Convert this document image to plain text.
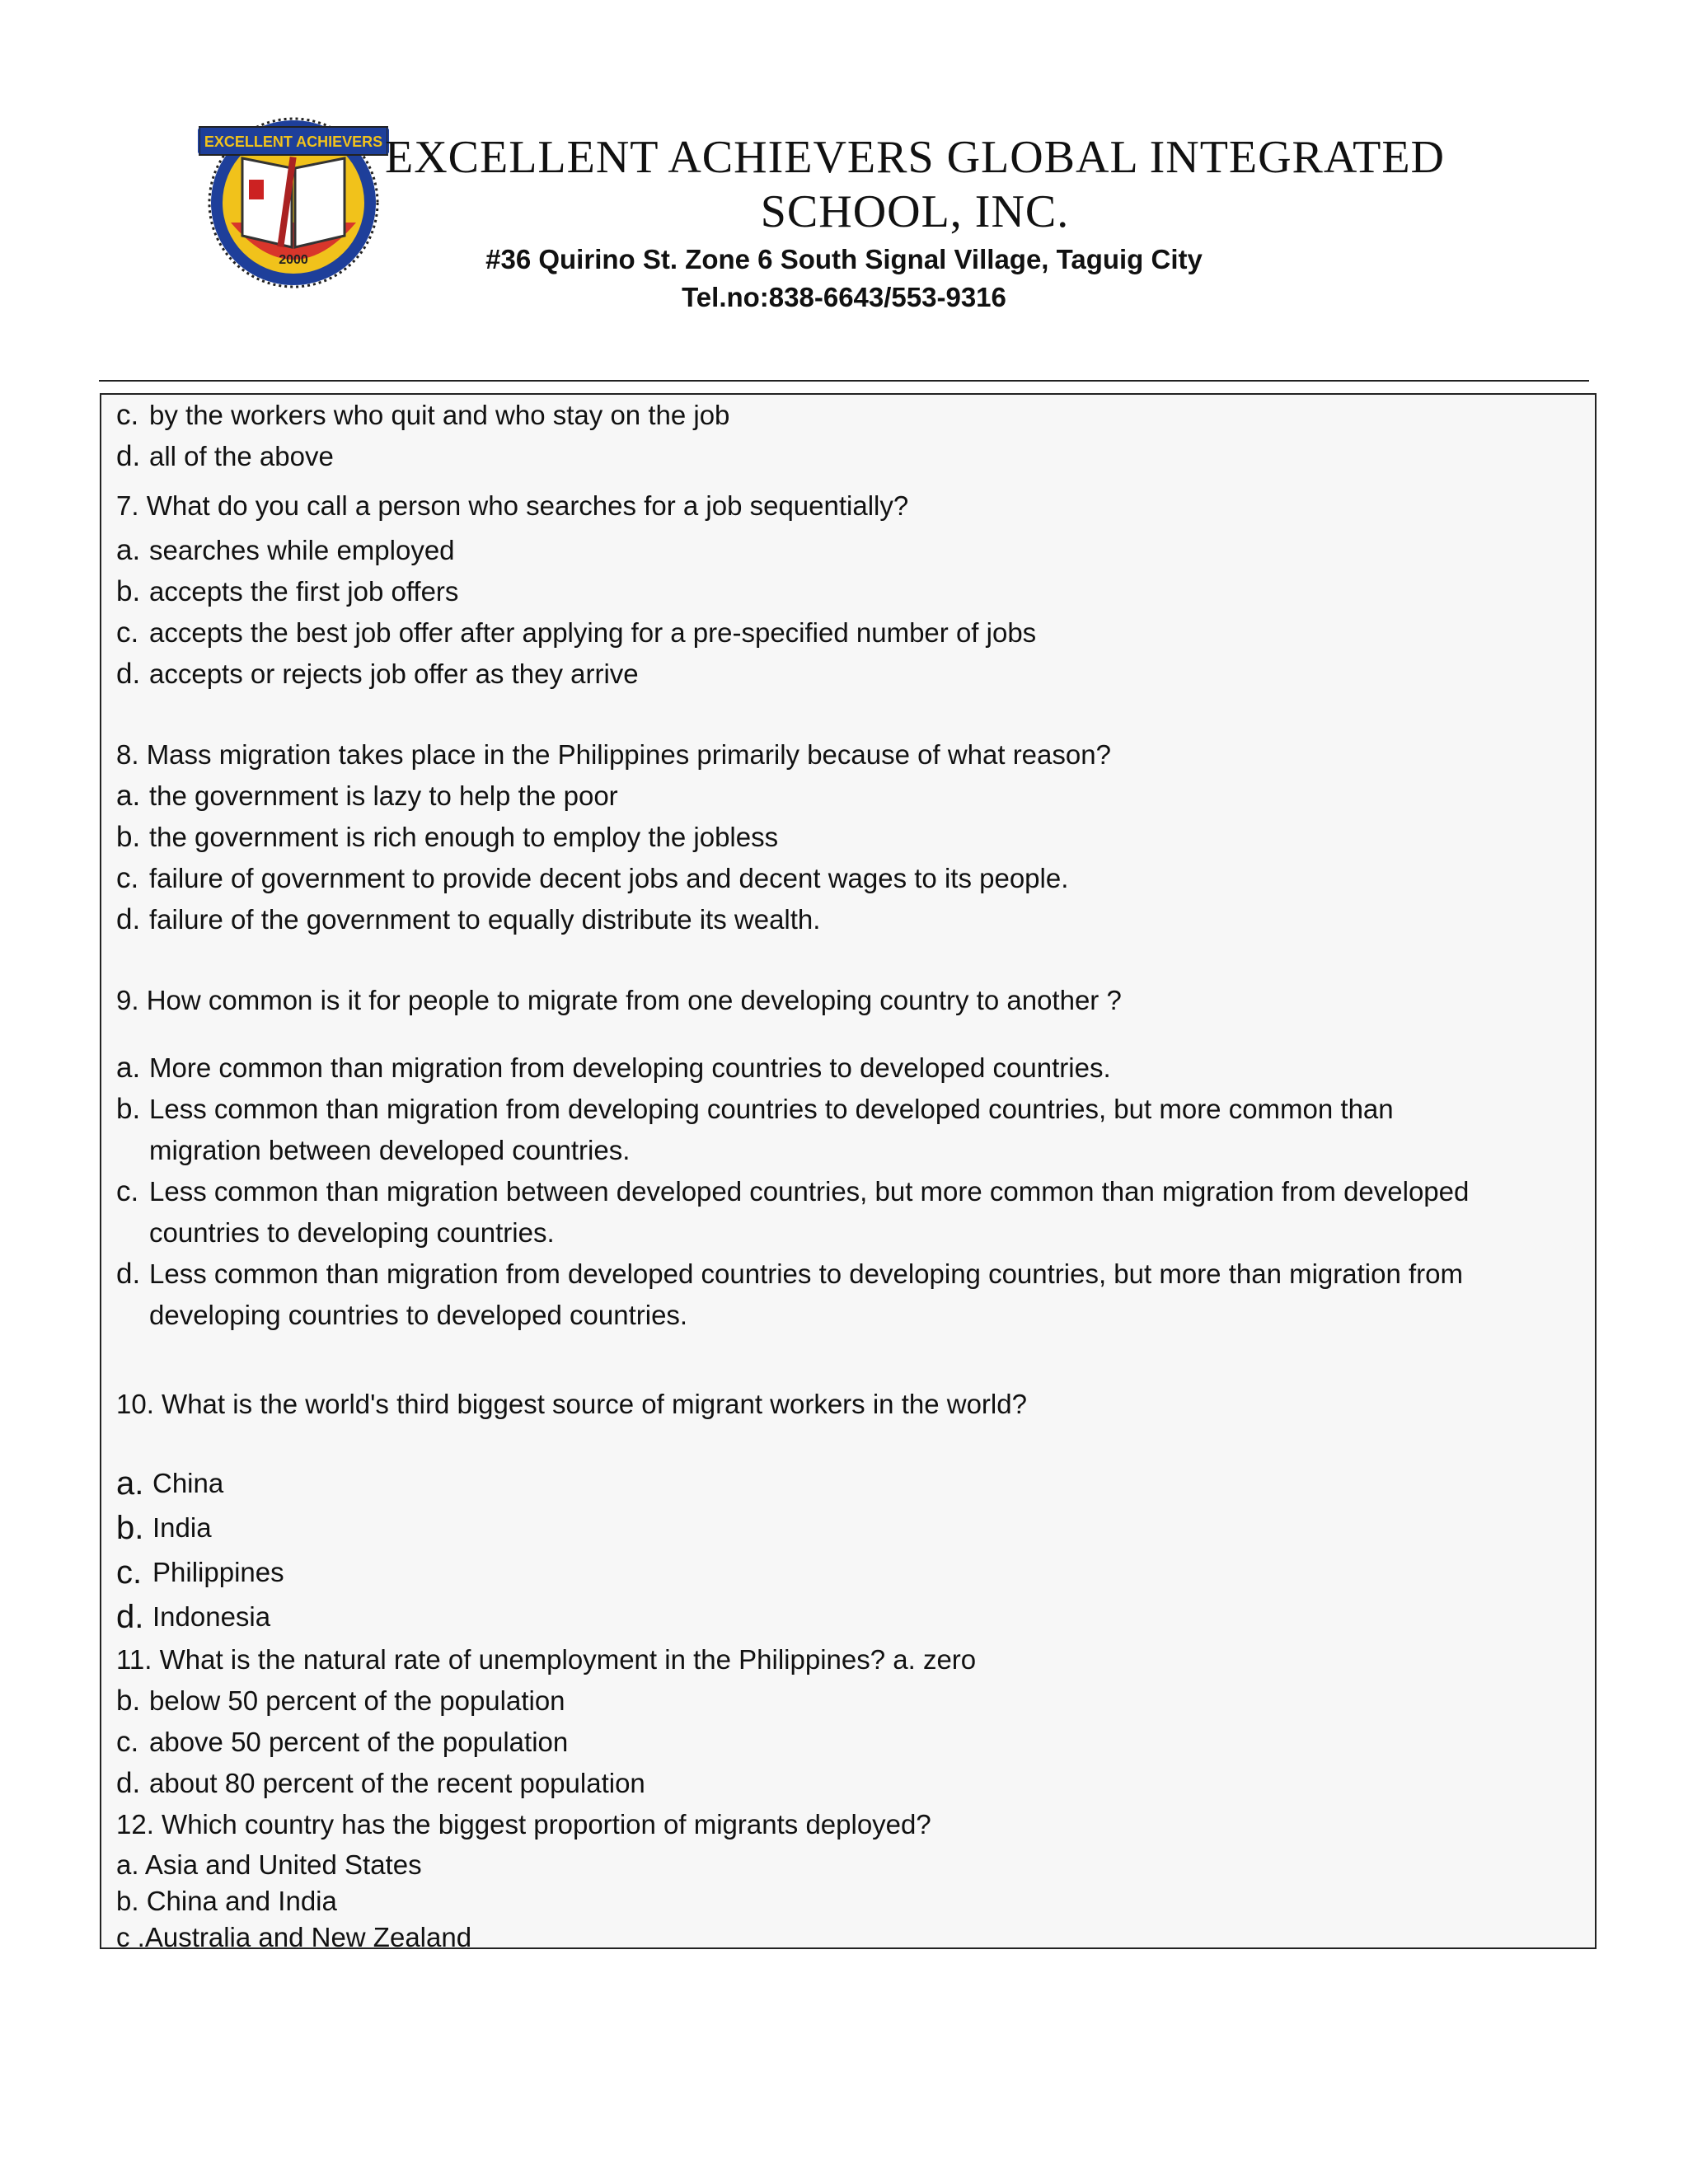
EXCELLENT ACHIEVERS
2000
EXCELLENT ACHIEVERS GLOBAL INTEGRATED
SCHOOL, INC.
#36 Quirino St. Zone 6 South Signal Village, Taguig City
Tel.no:838-6643/553-9316
c. by the workers who quit and who stay on the job
d. all of the above
7. What do you call a person who searches for a job sequentially?
a. searches while employed
b. accepts the first job offers
c. accepts the best job offer after applying for a pre-specified number of jobs
d. accepts or rejects job offer as they arrive
8. Mass migration takes place in the Philippines primarily because of what reason?
a. the government is lazy to help the poor
b. the government is rich enough to employ the jobless
c. failure of government to provide decent jobs and decent wages to its people.
d. failure of the government to equally distribute its wealth.
9. How common is it for people to migrate from one developing country to another ?
a. More common than migration from developing countries to developed countries.
b. Less common than migration from developing countries to developed countries, but more common than migration between developed countries.
c. Less common than migration between developed countries, but more common than migration from developed countries to developing countries.
d. Less common than migration from developed countries to developing countries, but more than migration from developing countries to developed countries.
10. What is the world's third biggest source of migrant workers in the world?
a. China
b. India
c. Philippines
d. Indonesia
11. What is the natural rate of unemployment in the Philippines? a. zero
b. below 50 percent of the population
c. above 50 percent of the population
d. about 80 percent of the recent population
12. Which country has the biggest proportion of migrants deployed?
a. Asia and United States
b. China and India
c .Australia and New Zealand
